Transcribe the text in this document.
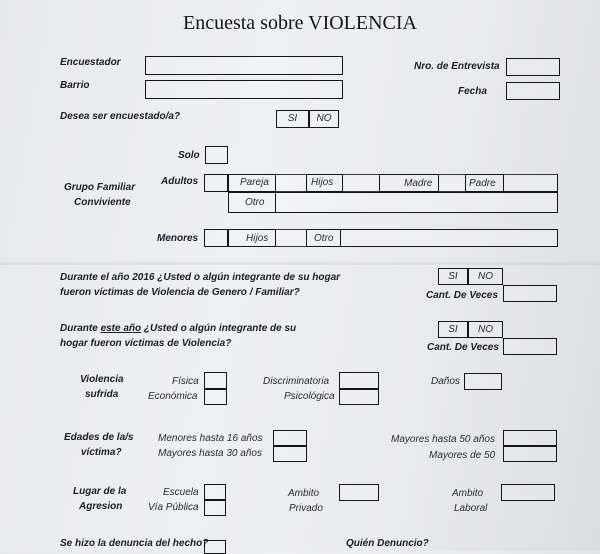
Encuesta sobre VIOLENCIA
Encuestador
Barrio
Nro. de Entrevista
Fecha
Desea ser encuestado/a?	SI	NO
Solo
Grupo Familiar
Conviviente
Adultos	Pareja	Hijos	Madre	Padre
Otro
Menores	Hijos	Otro
Durante el año 2016 ¿Usted o algún integrante de su hogar
fueron víctimas de Violencia de Genero / Familiar?
SI	NO
Cant. De Veces
Durante este año ¿Usted o algún integrante de su
hogar fueron víctimas de Violencia?
SI	NO
Cant. De Veces
Violencia
sufrida
Física
Económica
Discriminatoria
Psicológica
Daños
Edades de la/s
víctima?
Menores hasta 16 años
Mayores hasta 30 años
Mayores hasta 50 años
Mayores de 50
Lugar de la
Agresion
Escuela
Vía Pública
Ambito
Privado
Ambito
Laboral
Se hizo la denuncia del hecho?	Quién Denuncio?
